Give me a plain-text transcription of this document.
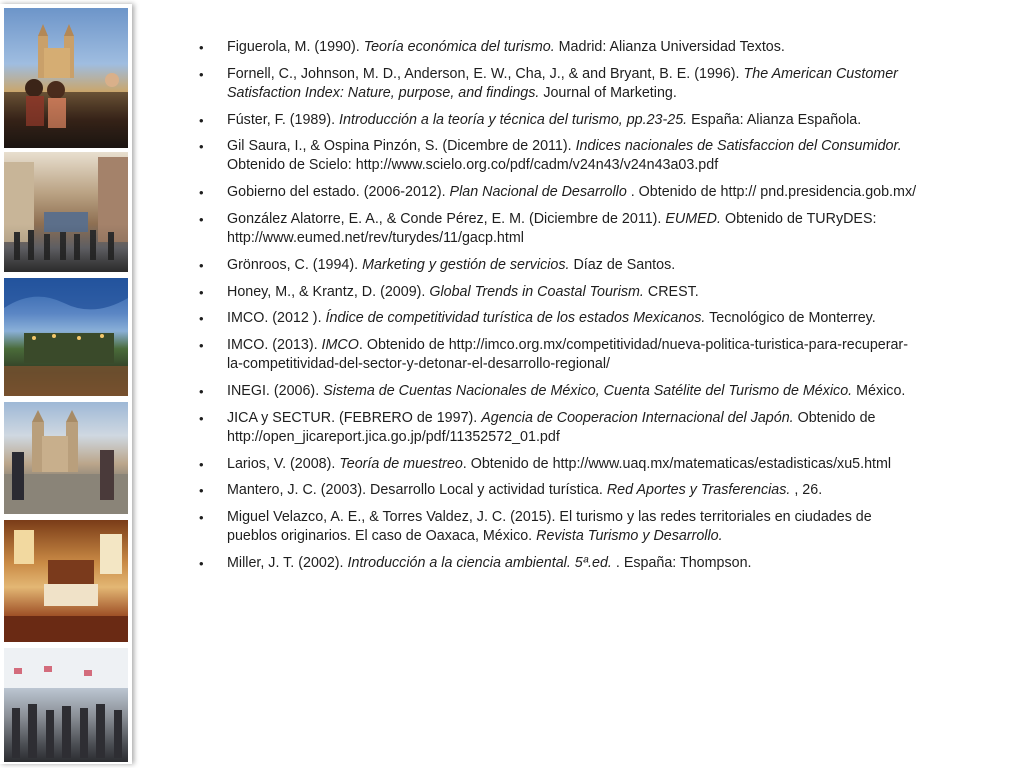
• Figuerola, M. (1990). Teoría económica del turismo. Madrid: Alianza Universidad Textos.
• Fornell, C., Johnson, M. D., Anderson, E. W., Cha, J., & and Bryant, B. E. (1996). The American Customer Satisfaction Index: Nature, purpose, and findings. Journal of Marketing.
• Fúster, F. (1989). Introducción a la teoría y técnica del turismo, pp.23-25. España: Alianza Española.
• Gil Saura, I., & Ospina Pinzón, S. (Dicembre de 2011). Indices nacionales de Satisfaccion del Consumidor. Obtenido de Scielo: http://www.scielo.org.co/pdf/cadm/v24n43/v24n43a03.pdf
• Gobierno del estado. (2006-2012). Plan Nacional de Desarrollo . Obtenido de http:// pnd.presidencia.gob.mx/
• González Alatorre, E. A., & Conde Pérez, E. M. (Diciembre de 2011). EUMED. Obtenido de TURyDES: http://www.eumed.net/rev/turydes/11/gacp.html
• Grönroos, C. (1994). Marketing y gestión de servicios. Díaz de Santos.
• Honey, M., & Krantz, D. (2009). Global Trends in Coastal Tourism. CREST.
• IMCO. (2012 ). Índice de competitividad turística de los estados Mexicanos. Tecnológico de Monterrey.
• IMCO. (2013). IMCO. Obtenido de http://imco.org.mx/competitividad/nueva-politica-turistica-para-recuperar- la-competitividad-del-sector-y-detonar-el-desarrollo-regional/
• INEGI. (2006). Sistema de Cuentas Nacionales de México, Cuenta Satélite del Turismo de México. México.
• JICA y SECTUR. (FEBRERO de 1997). Agencia de Cooperacion Internacional del Japón. Obtenido de http://open_jicareport.jica.go.jp/pdf/11352572_01.pdf
• Larios, V. (2008). Teoría de muestreo. Obtenido de http://www.uaq.mx/matematicas/estadisticas/xu5.html
• Mantero, J. C. (2003). Desarrollo Local y actividad turística. Red Aportes y Trasferencias. , 26.
• Miguel Velazco, A. E., & Torres Valdez, J. C. (2015). El turismo y las redes territoriales en ciudades de pueblos originarios. El caso de Oaxaca, México. Revista Turismo y Desarrollo.
• Miller, J. T. (2002). Introducción a la ciencia ambiental. 5ª.ed. . España: Thompson.
